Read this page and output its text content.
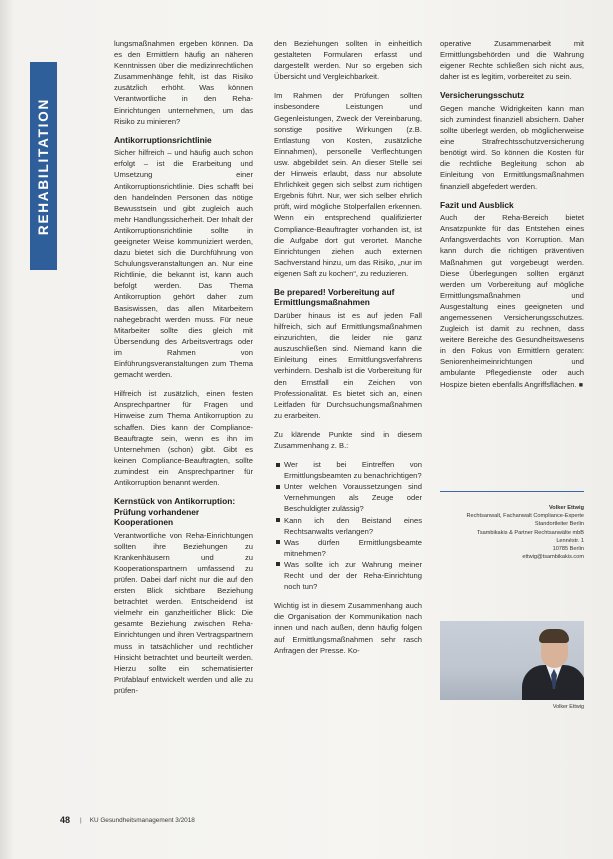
REHABILITATION

lungsmaßnahmen ergeben können. Da es den Ermittlern häufig an näheren Kenntnissen über die medizinrechtlichen Zusammenhänge fehlt, ist das Risiko zusätzlich erhöht. Was können Verantwortliche in den Reha-Einrichtungen unternehmen, um das Risiko zu minieren?

Antikorruptionsrichtlinie

Sicher hilfreich – und häufig auch schon erfolgt – ist die Erarbeitung und Umsetzung einer Antikorruptionsrichtlinie. Dies schafft bei den handelnden Personen das nötige Bewusstsein und gibt zugleich auch mehr Handlungssicherheit. Der Inhalt der Antikorruptionsrichtlinie sollte in geeigneter Weise kommuniziert werden, dazu bietet sich die Durchführung von Schulungsveranstaltungen an. Nur eine Richtlinie, die bekannt ist, kann auch befolgt werden. Das Thema Antikorruption gehört daher zum Basiswissen, das allen Mitarbeitern nahegebracht werden muss. Für neue Mitarbeiter sollte dies gleich mit Übersendung des Arbeitsvertrags oder im Rahmen von Einführungsveranstaltungen zum Thema gemacht werden.

Hilfreich ist zusätzlich, einen festen Ansprechpartner für Fragen und Hinweise zum Thema Antikorruption zu schaffen. Dies kann der Compliance-Beauftragte sein, wenn es ihn im Unternehmen (schon) gibt. Gibt es keinen Compliance-Beauftragten, sollte zumindest ein Ansprechpartner für Antikorruption benannt werden.

Kernstück von Antikorruption: Prüfung vorhandener Kooperationen

Verantwortliche von Reha-Einrichtungen sollten ihre Beziehungen zu Krankenhäusern und zu Kooperationspartnern umfassend zu prüfen. Dabei darf nicht nur die auf den ersten Blick sichtbare Beziehung betrachtet werden. Entscheidend ist vielmehr ein ganzheitlicher Blick: Die gesamte Beziehung zwischen Reha-Einrichtungen und ihren Vertragspartnern muss in tatsächlicher und rechtlicher Hinsicht betrachtet und beurteilt werden. Hierzu sollte ein schematisierter Prüfablauf entwickelt werden und alle zu prüfen-

den Beziehungen sollten in einheitlich gestalteten Formularen erfasst und dargestellt werden. Nur so ergeben sich Übersicht und Vergleichbarkeit.

Im Rahmen der Prüfungen sollten insbesondere Leistungen und Gegenleistungen, Zweck der Vereinbarung, sonstige positive Wirkungen (z.B. Entlastung von Kosten, zusätzliche Einnahmen), personelle Verflechtungen usw. abgebildet sein. An dieser Stelle sei der Hinweis erlaubt, dass nur absolute Ehrlichkeit gegen sich selbst zum richtigen Ergebnis führt. Nur, wer sich selber ehrlich prüft, wird mögliche Stolperfallen erkennen. Wenn ein entsprechend qualifizierter Compliance-Beauftragter vorhanden ist, ist die Aufgabe dort gut verortet. Manche Einrichtungen ziehen auch externen Sachverstand hinzu, um das Risiko, „nur im eigenen Saft zu kochen“, zu reduzieren.

Be prepared! Vorbereitung auf Ermittlungsmaßnahmen

Darüber hinaus ist es auf jeden Fall hilfreich, sich auf Ermittlungsmaßnahmen einzurichten, die leider nie ganz auszuschließen sind. Niemand kann die Einleitung eines Ermittlungsverfahrens verhindern. Deshalb ist die Vorbereitung für den Ernstfall ein Zeichen von Professionalität. Es bietet sich an, einen Leitfaden für Durchsuchungsmaßnahmen zu erarbeiten.

Zu klärende Punkte sind in diesem Zusammenhang z. B.:

Wer ist bei Eintreffen von Ermittlungsbeamten zu benachrichtigen?
Unter welchen Voraussetzungen sind Vernehmungen als Zeuge oder Beschuldigter zulässig?
Kann ich den Beistand eines Rechtsanwalts verlangen?
Was dürfen Ermittlungsbeamte mitnehmen?
Was sollte ich zur Wahrung meiner Recht und der der Reha-Einrichtung noch tun?

Wichtig ist in diesem Zusammenhang auch die Organisation der Kommunikation nach innen und nach außen, denn häufig folgen auf Ermittlungsmaßnahmen sehr rasch Anfragen der Presse. Ko-

operative Zusammenarbeit mit Ermittlungsbehörden und die Wahrung eigener Rechte schließen sich nicht aus, daher ist es legitim, vorbereitet zu sein.

Versicherungsschutz

Gegen manche Widrigkeiten kann man sich zumindest finanziell absichern. Daher sollte überlegt werden, ob möglicherweise eine Strafrechtsschutzversicherung benötigt wird. So können die Kosten für die rechtliche Begleitung schon ab Einleitung von Ermittlungsmaßnahmen finanziell abgefedert werden.

Fazit und Ausblick

Auch der Reha-Bereich bietet Ansatzpunkte für das Entstehen eines Anfangsverdachts von Korruption. Man kann durch die richtigen präventiven Maßnahmen gut vorgebeugt werden. Diese Überlegungen sollten ergänzt werden um Vorbereitung auf mögliche Ermittlungsmaßnahmen und Ausgestaltung eines geeigneten und angemessenen Versicherungsschutzes. Zugleich ist damit zu rechnen, dass weitere Bereiche des Gesundheitswesens in den Fokus von Ermittlern geraten: Seniorenheimeinrichtungen und ambulante Pflegedienste oder auch Hospize bieten ebenfalls Angriffsflächen. ■

Volker Ettwig
Rechtsanwalt, Fachanwalt Compliance-Experte
Standortleiter Berlin
Tsambikakis & Partner Rechtsanwälte mbB
Lennéstr. 1
10785 Berlin
ettwig@tsambikakis.com
Volker Ettwig
48 | KU Gesundheitsmanagement 3/2018
